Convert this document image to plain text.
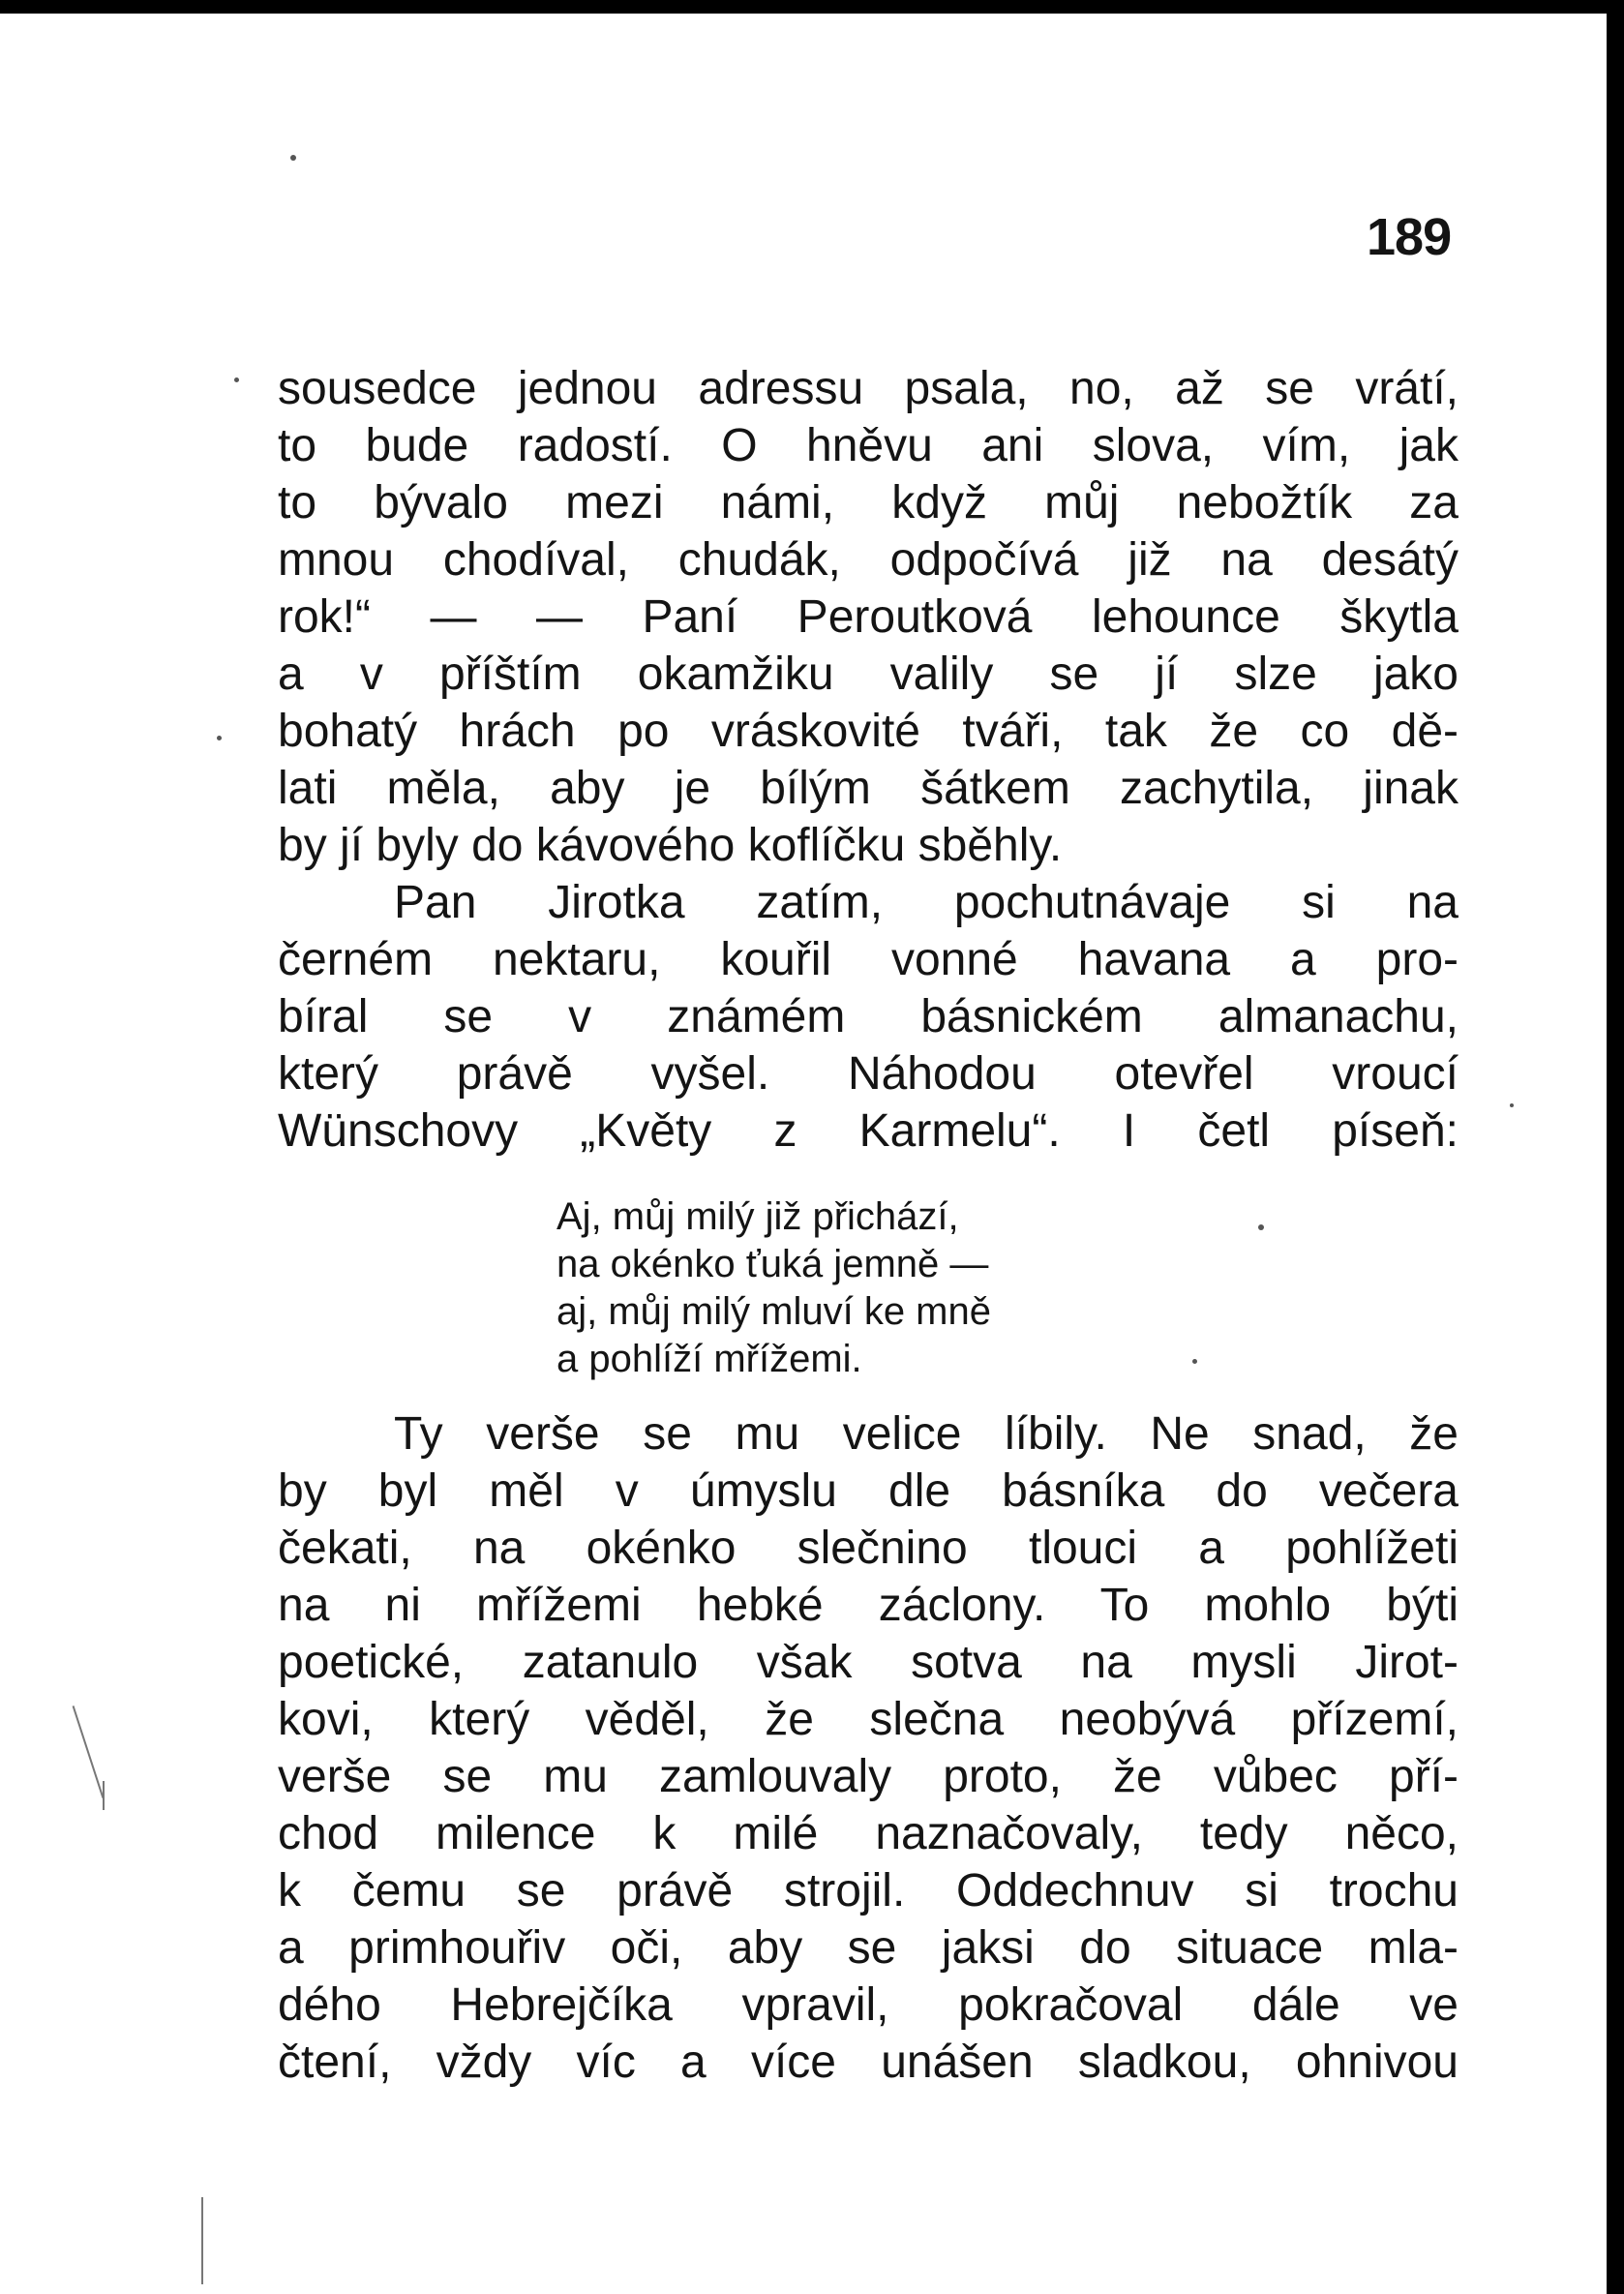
189
sousedce jednou adressu psala, no, až se vrátí,
to bude radostí. O hněvu ani slova, vím, jak
to bývalo mezi námi, když můj nebožtík za
mnou chodíval, chudák, odpočívá již na desátý
rok!“ — — Paní Peroutková lehounce škytla
a v příštím okamžiku valily se jí slze jako
bohatý hrách po vráskovité tváři, tak že co dě-
lati měla, aby je bílým šátkem zachytila, jinak
by jí byly do kávového koflíčku sběhly.
Pan Jirotka zatím, pochutnávaje si na
černém nektaru, kouřil vonné havana a pro-
bíral se v známém básnickém almanachu,
který právě vyšel. Náhodou otevřel vroucí
Wünschovy „Květy z Karmelu“. I četl píseň:
Aj, můj milý již přichází,
na okénko ťuká jemně —
aj, můj milý mluví ke mně
a pohlíží mřížemi.
Ty verše se mu velice líbily. Ne snad, že
by byl měl v úmyslu dle básníka do večera
čekati, na okénko slečnino tlouci a pohlížeti
na ni mřížemi hebké záclony. To mohlo býti
poetické, zatanulo však sotva na mysli Jirot-
kovi, který věděl, že slečna neobývá přízemí,
verše se mu zamlouvaly proto, že vůbec pří-
chod milence k milé naznačovaly, tedy něco,
k čemu se právě strojil. Oddechnuv si trochu
a primhouřiv oči, aby se jaksi do situace mla-
dého Hebrejčíka vpravil, pokračoval dále ve
čtení, vždy víc a více unášen sladkou, ohnivou
